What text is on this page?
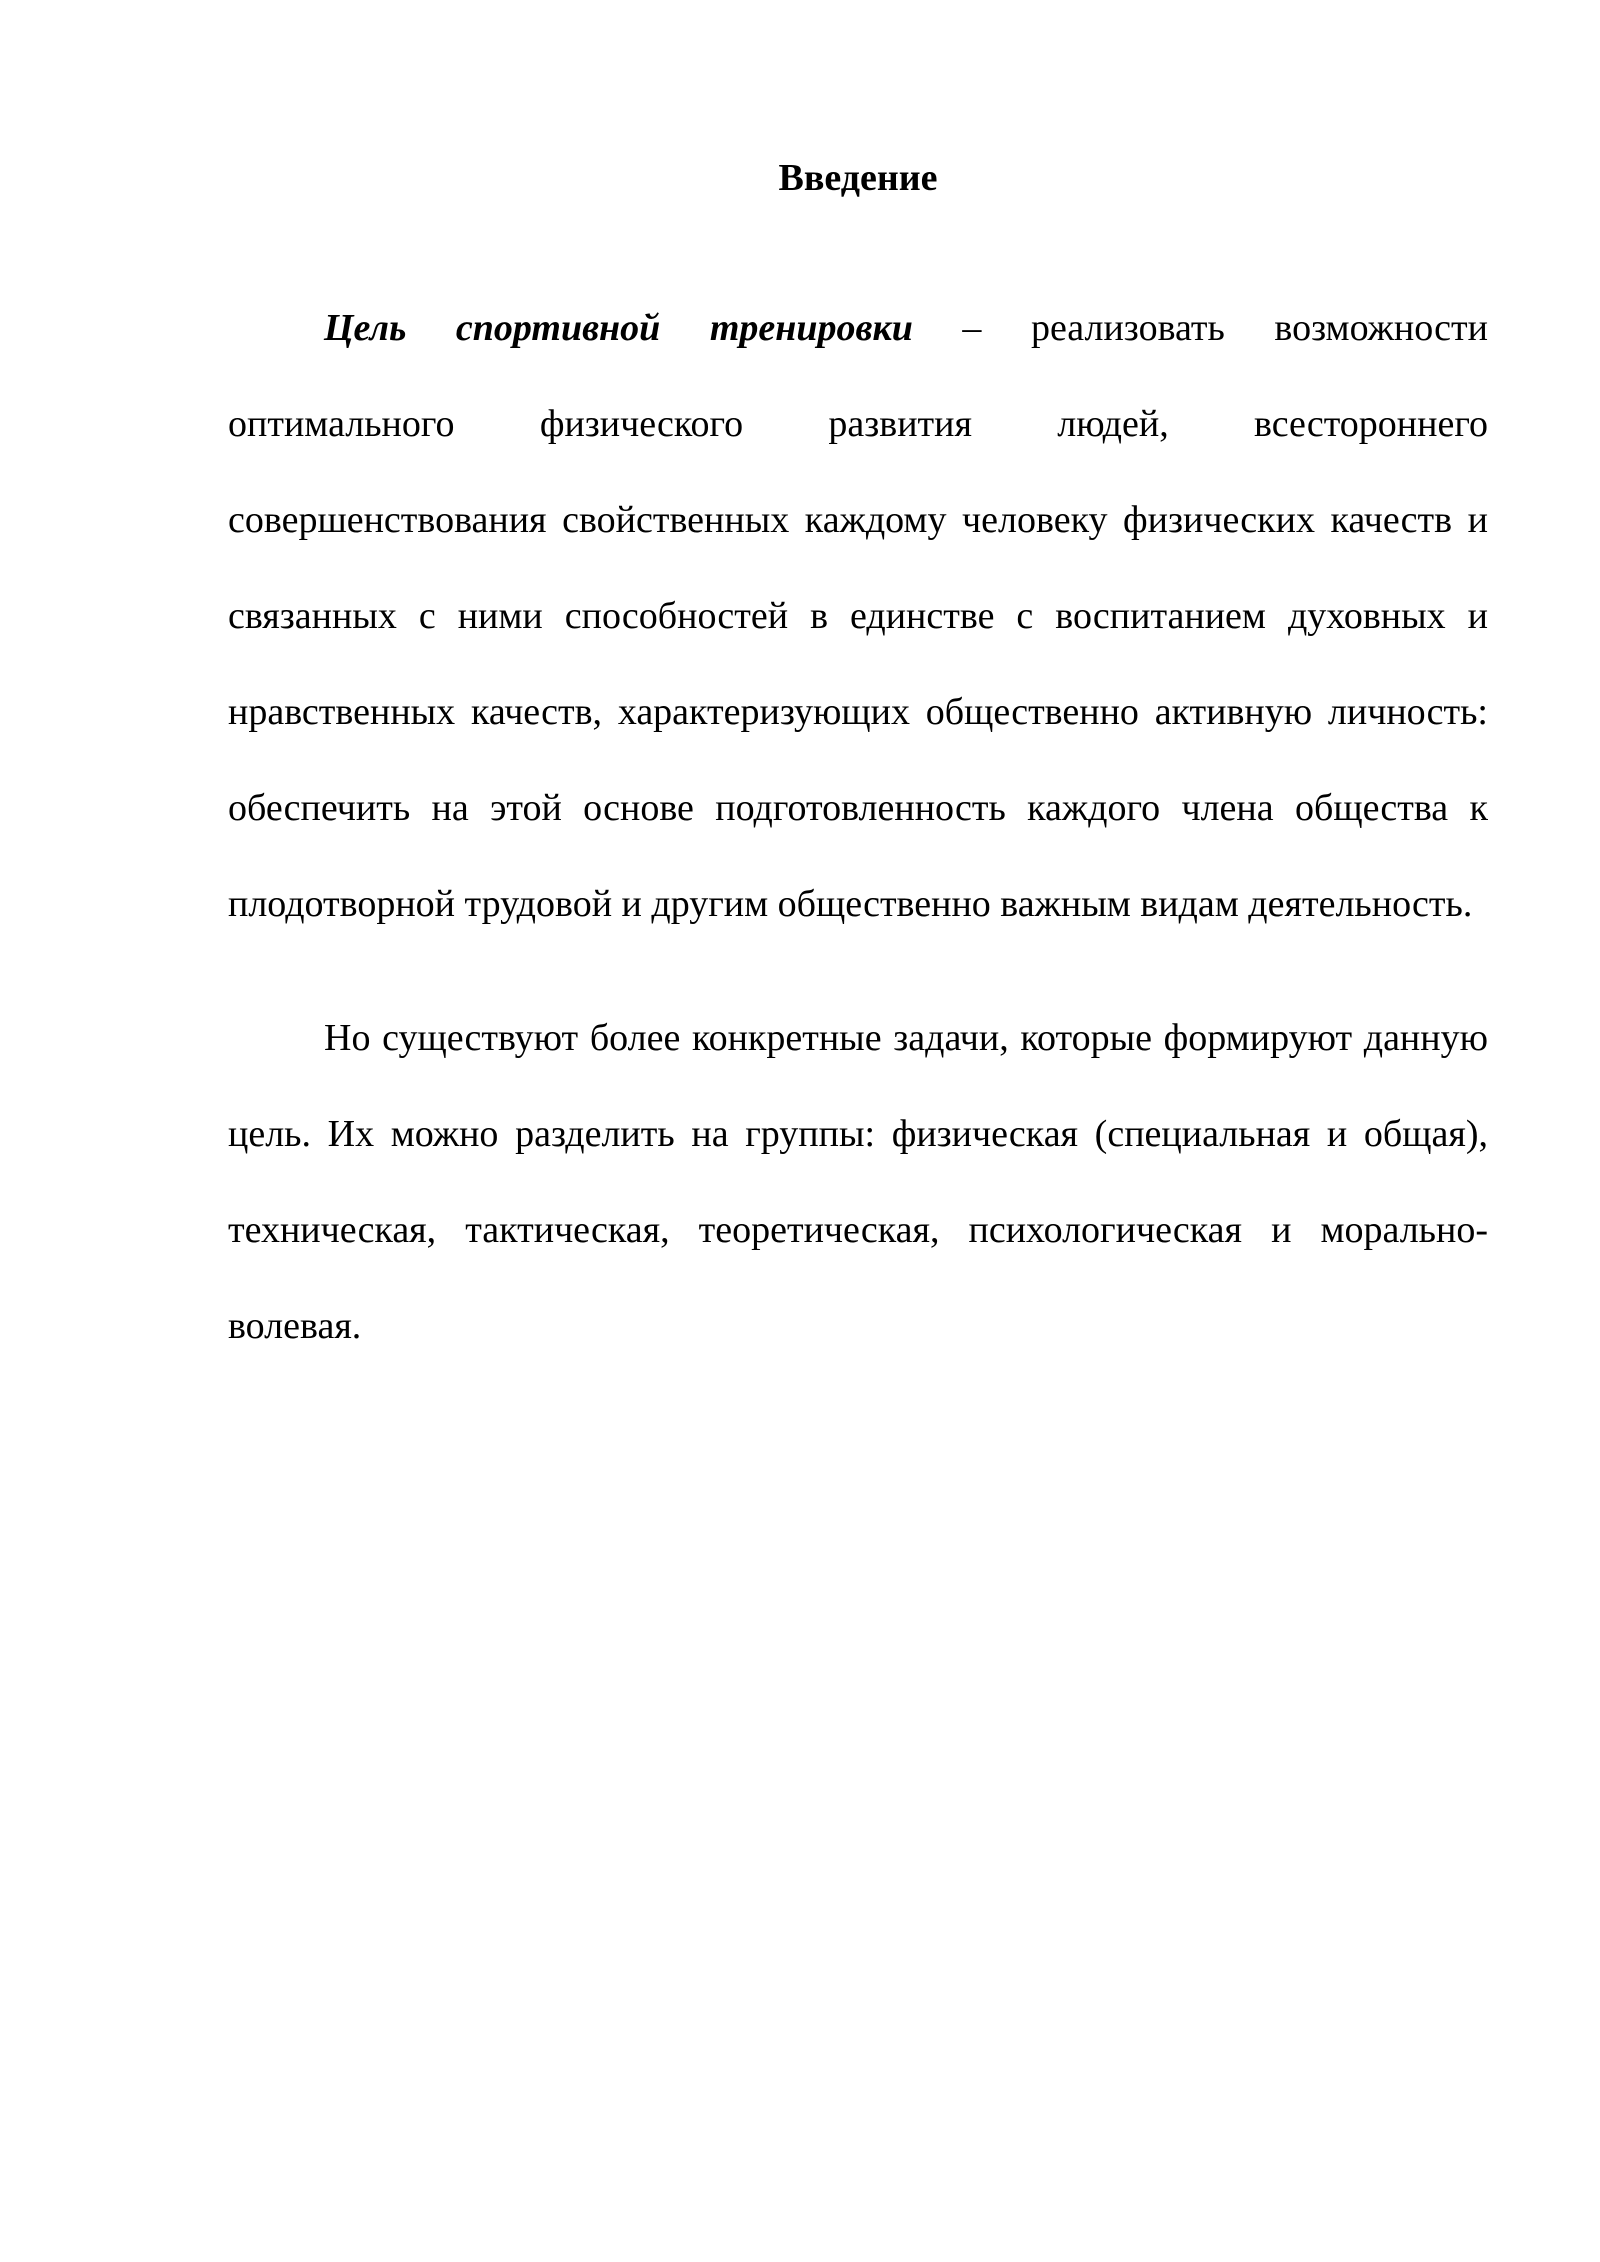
Введение

Цель спортивной тренировки – реализовать возможности оптимального физического развития людей, всестороннего совершенствования свойственных каждому человеку физических качеств и связанных с ними способностей в единстве с воспитанием духовных и нравственных качеств, характеризующих общественно активную личность: обеспечить на этой основе подготовленность каждого члена общества к плодотворной трудовой и другим общественно важным видам деятельность.

Но существуют более конкретные задачи, которые формируют данную цель. Их можно разделить на группы: физическая (специальная и общая), техническая, тактическая, теоретическая, психологическая и морально-волевая.
